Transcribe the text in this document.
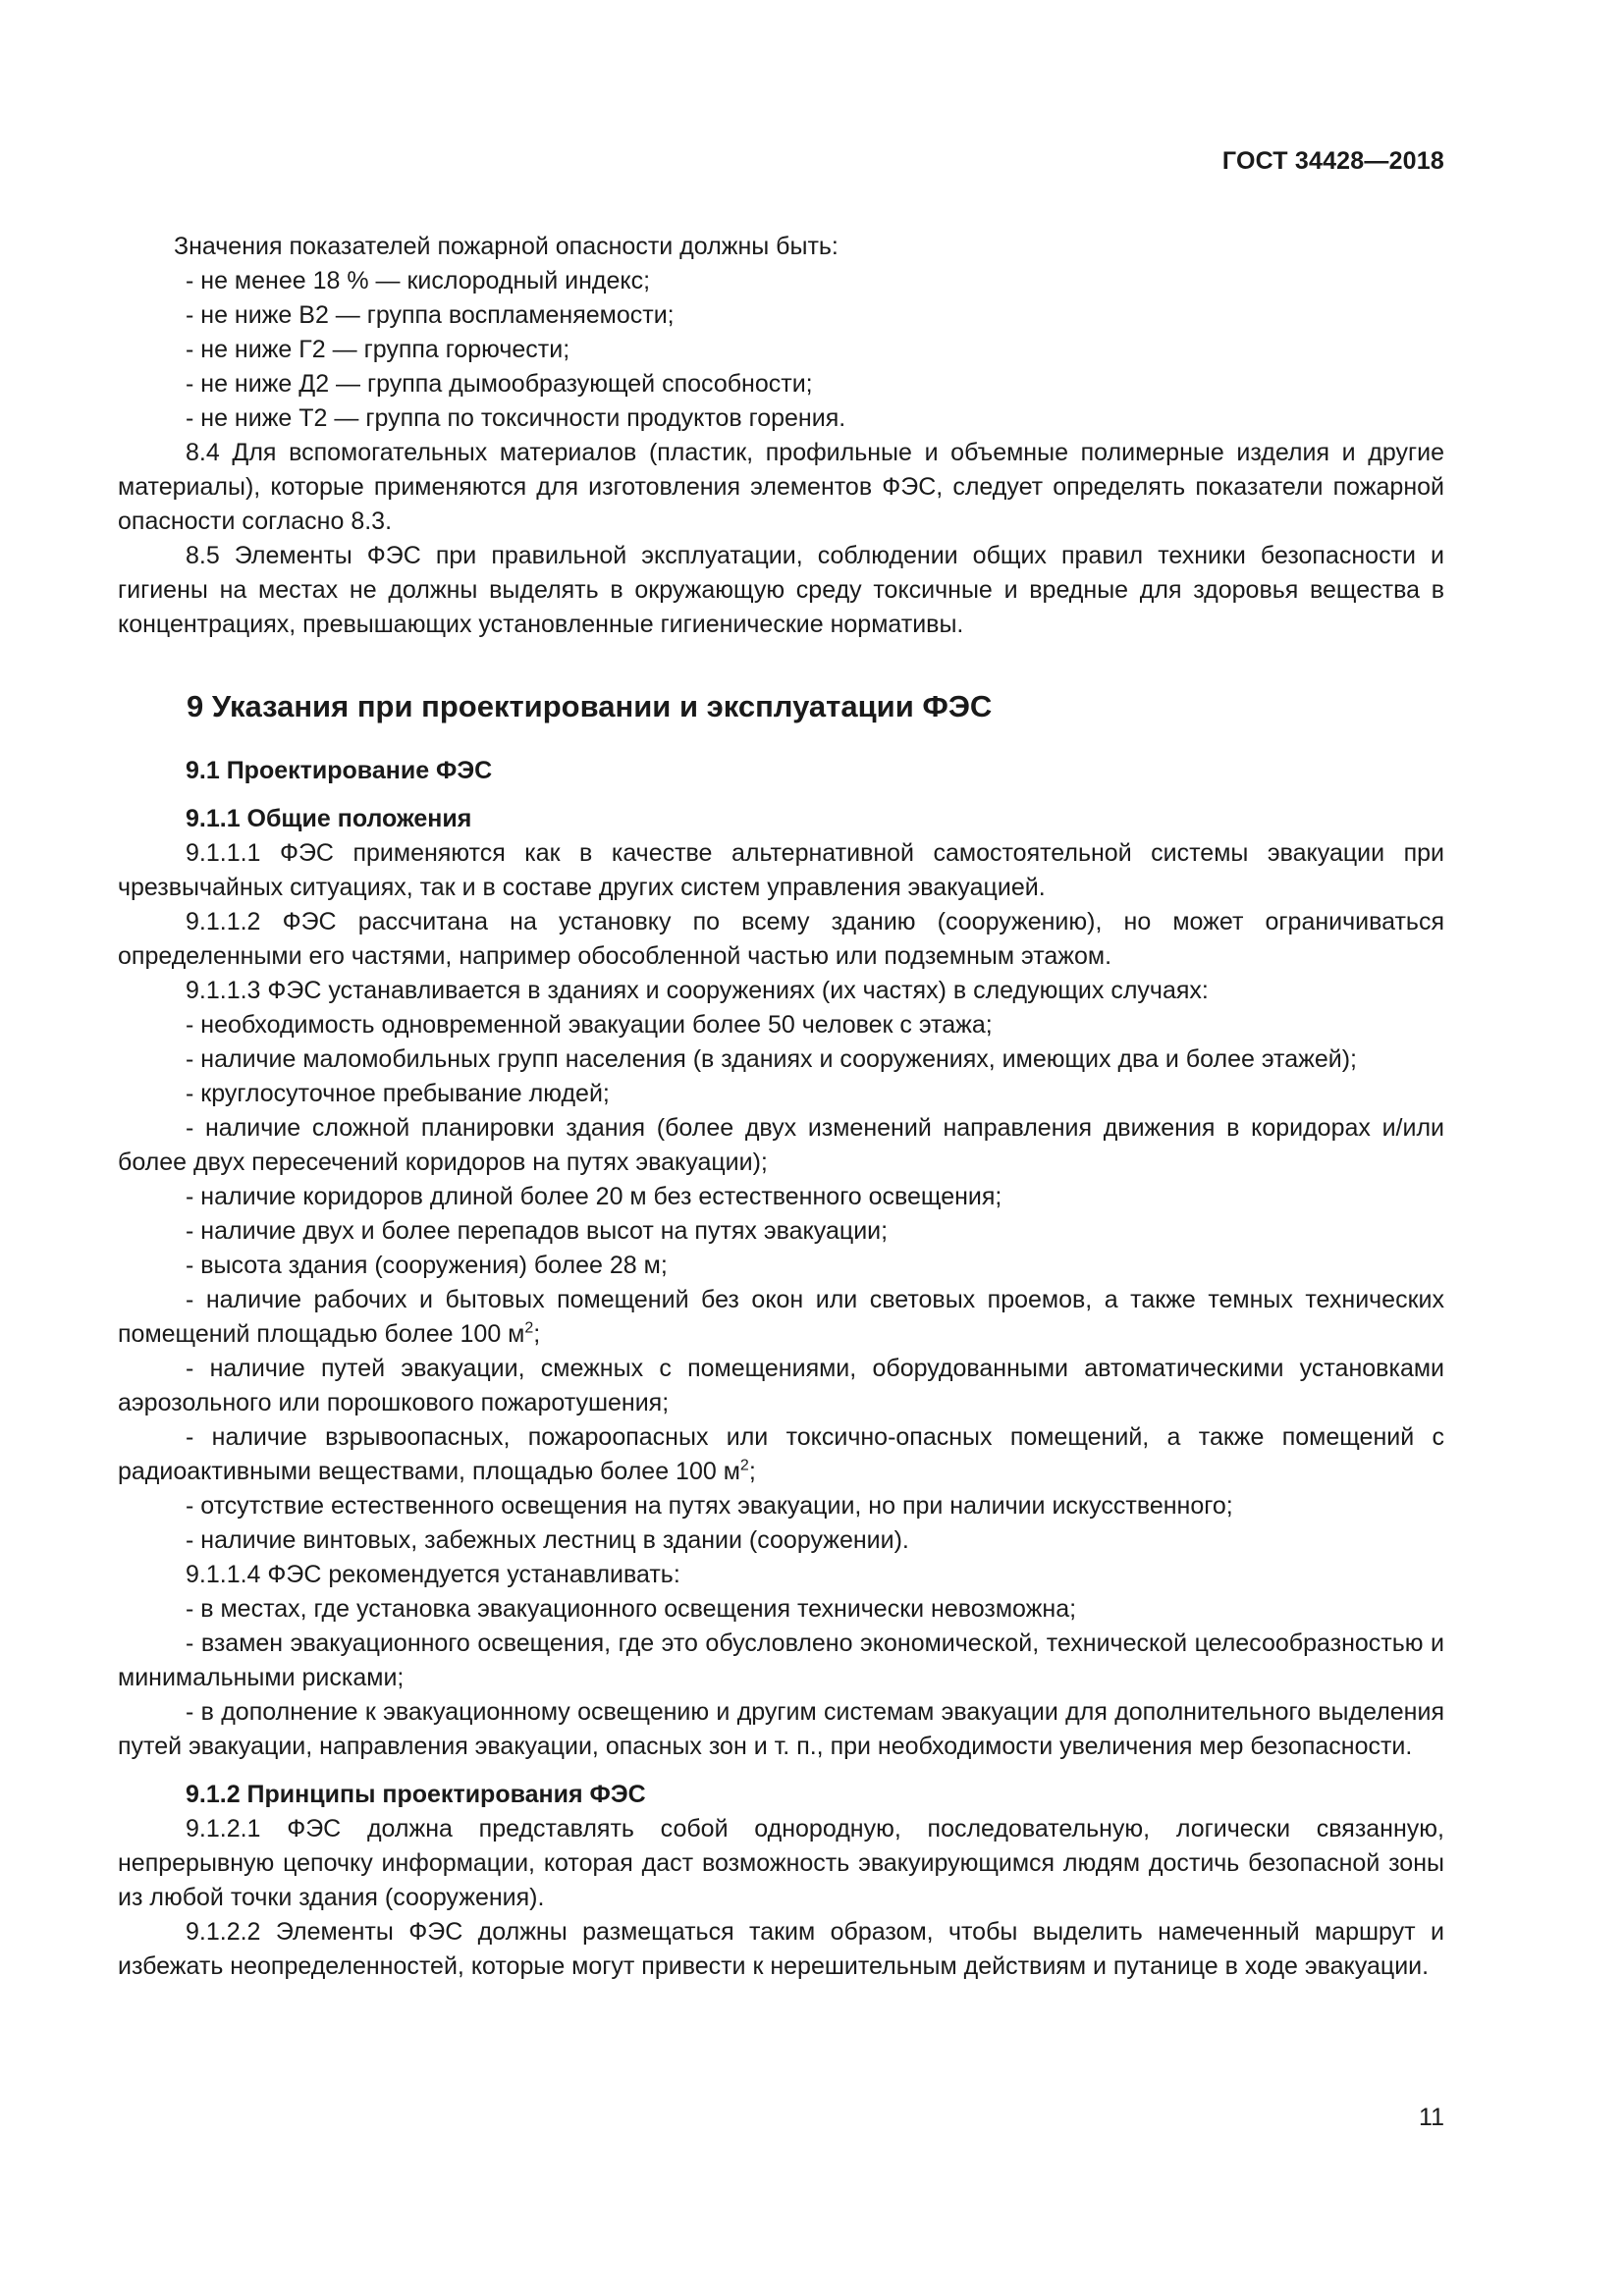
ГОСТ 34428—2018

Значения показателей пожарной опасности должны быть:

- не менее 18 % — кислородный индекс;

- не ниже В2 — группа воспламеняемости;

- не ниже Г2 — группа горючести;

- не ниже Д2 — группа дымообразующей способности;

- не ниже Т2 — группа по токсичности продуктов горения.

8.4 Для вспомогательных материалов (пластик, профильные и объемные полимерные изделия и другие материалы), которые применяются для изготовления элементов ФЭС, следует определять показатели пожарной опасности согласно 8.3.

8.5 Элементы ФЭС при правильной эксплуатации, соблюдении общих правил техники безопасности и гигиены на местах не должны выделять в окружающую среду токсичные и вредные для здоровья вещества в концентрациях, превышающих установленные гигиенические нормативы.

9 Указания при проектировании и эксплуатации ФЭС
9.1 Проектирование ФЭС
9.1.1 Общие положения

9.1.1.1 ФЭС применяются как в качестве альтернативной самостоятельной системы эвакуации при чрезвычайных ситуациях, так и в составе других систем управления эвакуацией.

9.1.1.2 ФЭС рассчитана на установку по всему зданию (сооружению), но может ограничиваться определенными его частями, например обособленной частью или подземным этажом.

9.1.1.3 ФЭС устанавливается в зданиях и сооружениях (их частях) в следующих случаях:

- необходимость одновременной эвакуации более 50 человек с этажа;

- наличие маломобильных групп населения (в зданиях и сооружениях, имеющих два и более этажей);

- круглосуточное пребывание людей;

- наличие сложной планировки здания (более двух изменений направления движения в коридорах и/или более двух пересечений коридоров на путях эвакуации);

- наличие коридоров длиной более 20 м без естественного освещения;

- наличие двух и более перепадов высот на путях эвакуации;

- высота здания (сооружения) более 28 м;

- наличие рабочих и бытовых помещений без окон или световых проемов, а также темных технических помещений площадью более 100 $м^2$;

- наличие путей эвакуации, смежных с помещениями, оборудованными автоматическими установками аэрозольного или порошкового пожаротушения;

- наличие взрывоопасных, пожароопасных или токсично-опасных помещений, а также помещений с радиоактивными веществами, площадью более 100 $м^2$;

- отсутствие естественного освещения на путях эвакуации, но при наличии искусственного;

- наличие винтовых, забежных лестниц в здании (сооружении).

9.1.1.4 ФЭС рекомендуется устанавливать:

- в местах, где установка эвакуационного освещения технически невозможна;

- взамен эвакуационного освещения, где это обусловлено экономической, технической целесообразностью и минимальными рисками;

- в дополнение к эвакуационному освещению и другим системам эвакуации для дополнительного выделения путей эвакуации, направления эвакуации, опасных зон и т. п., при необходимости увеличения мер безопасности.

9.1.2 Принципы проектирования ФЭС

9.1.2.1 ФЭС должна представлять собой однородную, последовательную, логически связанную, непрерывную цепочку информации, которая даст возможность эвакуирующимся людям достичь безопасной зоны из любой точки здания (сооружения).

9.1.2.2 Элементы ФЭС должны размещаться таким образом, чтобы выделить намеченный маршрут и избежать неопределенностей, которые могут привести к нерешительным действиям и путанице в ходе эвакуации.

11
